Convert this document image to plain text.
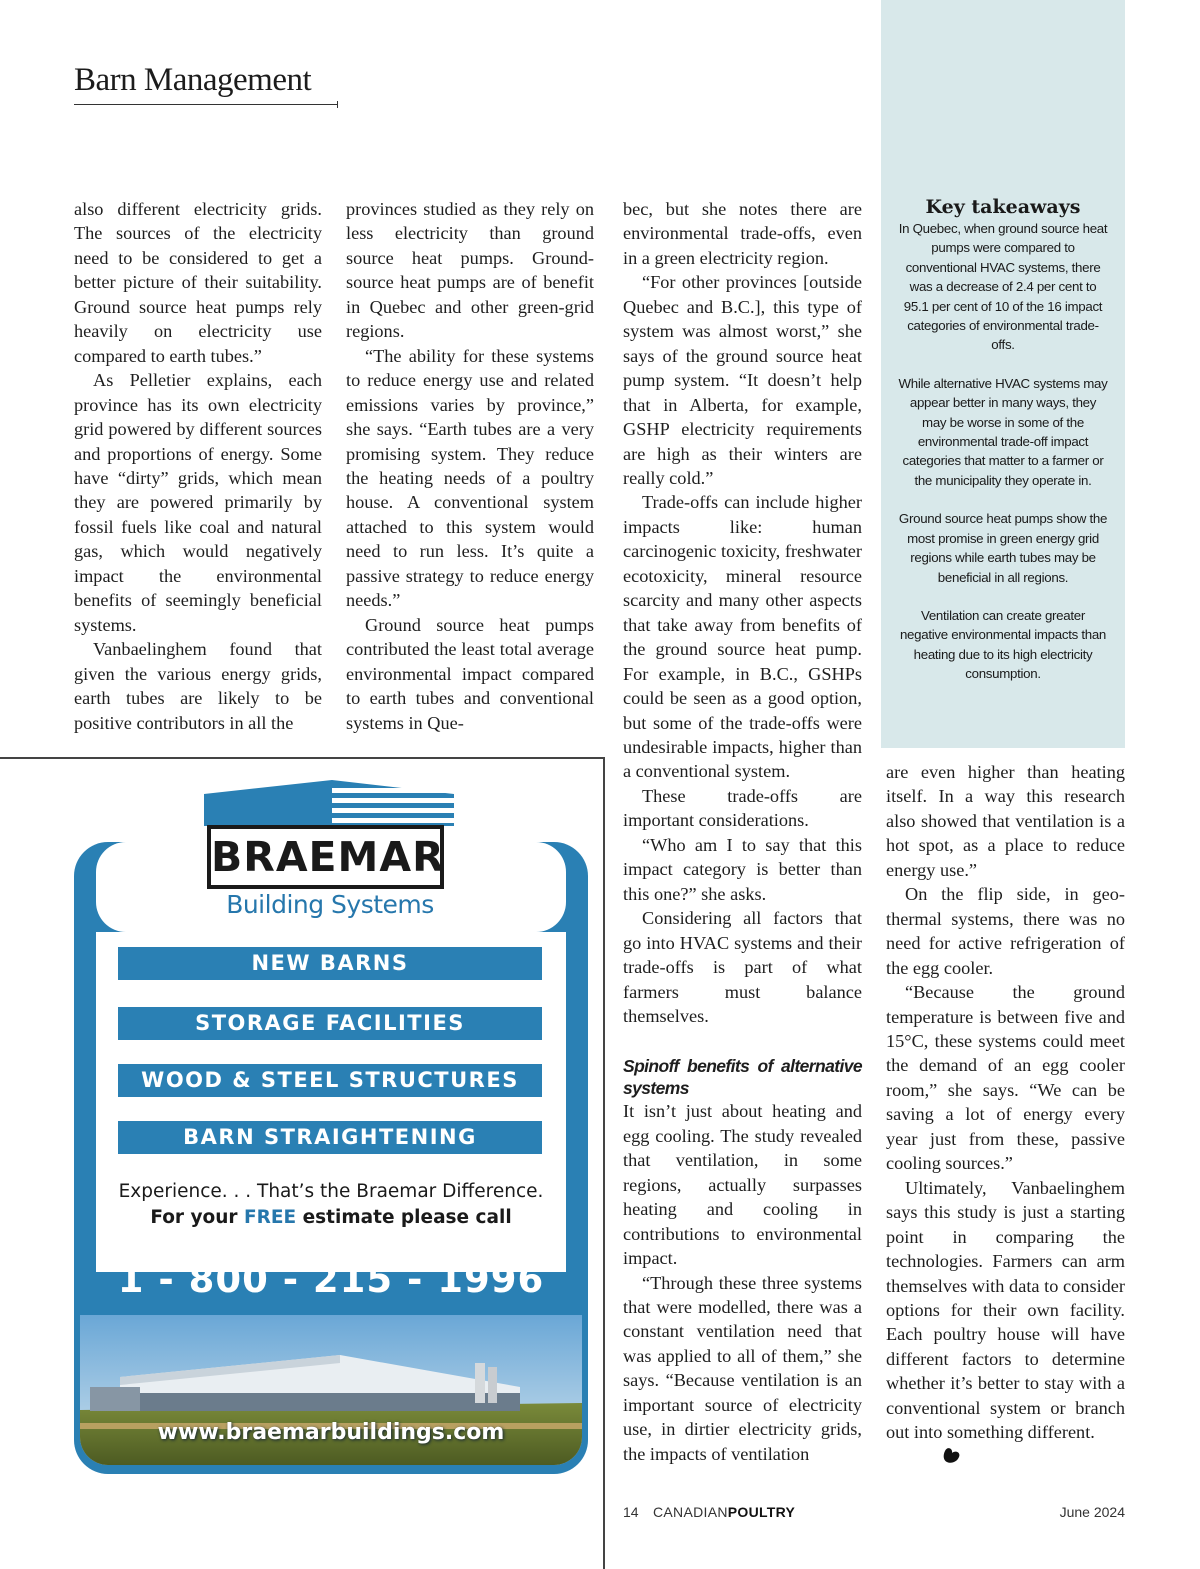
Barn Management

also different electricity grids. The sources of the electricity need to be considered to get a better picture of their suitability. Ground source heat pumps rely heavily on electricity use compared to earth tubes.”

As Pelletier explains, each province has its own electricity grid powered by different sources and proportions of energy. Some have “dirty” grids, which mean they are powered primarily by fossil fuels like coal and natural gas, which would negatively impact the environmental benefits of seemingly beneficial systems.

Vanbaelinghem found that given the various energy grids, earth tubes are likely to be positive contributors in all the

provinces studied as they rely on less electricity than ground source heat pumps. Ground-source heat pumps are of benefit in Quebec and other green-grid regions.

“The ability for these systems to reduce energy use and related emissions varies by province,” she says. “Earth tubes are a very promising system. They reduce the heating needs of a poultry house. A conventional system attached to this system would need to run less. It’s quite a passive strategy to reduce energy needs.”

Ground source heat pumps contributed the least total average environmental impact compared to earth tubes and conventional systems in Que-

bec, but she notes there are environmental trade-offs, even in a green electricity region.

“For other provinces [outside Quebec and B.C.], this type of system was almost worst,” she says of the ground source heat pump system. “It doesn’t help that in Alberta, for example, GSHP electricity requirements are high as their winters are really cold.”

Trade-offs can include higher impacts like: human carcinogenic toxicity, freshwater ecotoxicity, mineral resource scarcity and many other aspects that take away from benefits of the ground source heat pump. For example, in B.C., GSHPs could be seen as a good option, but some of the trade-offs were undesirable impacts, higher than a conventional system.

These trade-offs are important considerations.

“Who am I to say that this impact category is better than this one?” she asks.

Considering all factors that go into HVAC systems and their trade-offs is part of what farmers must balance themselves.

Spinoff benefits of alternative systems

It isn’t just about heating and egg cooling. The study revealed that ventilation, in some regions, actually surpasses heating and cooling in contributions to environmental impact.

“Through these three systems that were modelled, there was a constant ventilation need that was applied to all of them,” she says. “Because ventilation is an important source of electricity use, in dirtier electricity grids, the impacts of ventilation

are even higher than heating itself. In a way this research also showed that ventilation is a hot spot, as a place to reduce energy use.”

On the flip side, in geo-thermal systems, there was no need for active refrigeration of the egg cooler.

“Because the ground temperature is between five and 15°C, these systems could meet the demand of an egg cooler room,” she says. “We can be saving a lot of energy every year just from these, passive cooling sources.”

Ultimately, Vanbaelinghem says this study is just a starting point in comparing the technologies. Farmers can arm themselves with data to consider options for their own facility. Each poultry house will have different factors to determine whether it’s better to stay with a conventional system or branch out into something different.

Key takeaways

In Quebec, when ground source heat pumps were compared to conventional HVAC systems, there was a decrease of 2.4 per cent to 95.1 per cent of 10 of the 16 impact categories of environmental trade-offs.

While alternative HVAC systems may appear better in many ways, they may be worse in some of the environmental trade-off impact categories that matter to a farmer or the municipality they operate in.

Ground source heat pumps show the most promise in green energy grid regions while earth tubes may be beneficial in all regions.

Ventilation can create greater negative environmental impacts than heating due to its high electricity consumption.

BRAEMAR
Building Systems
NEW BARNS
STORAGE FACILITIES
WOOD & STEEL STRUCTURES
BARN STRAIGHTENING
Experience. . . That’s the Braemar Difference.
For your FREE estimate please call
1 - 800 - 215 - 1996
www.braemarbuildings.com
14 CANADIANPOULTRY	June 2024
